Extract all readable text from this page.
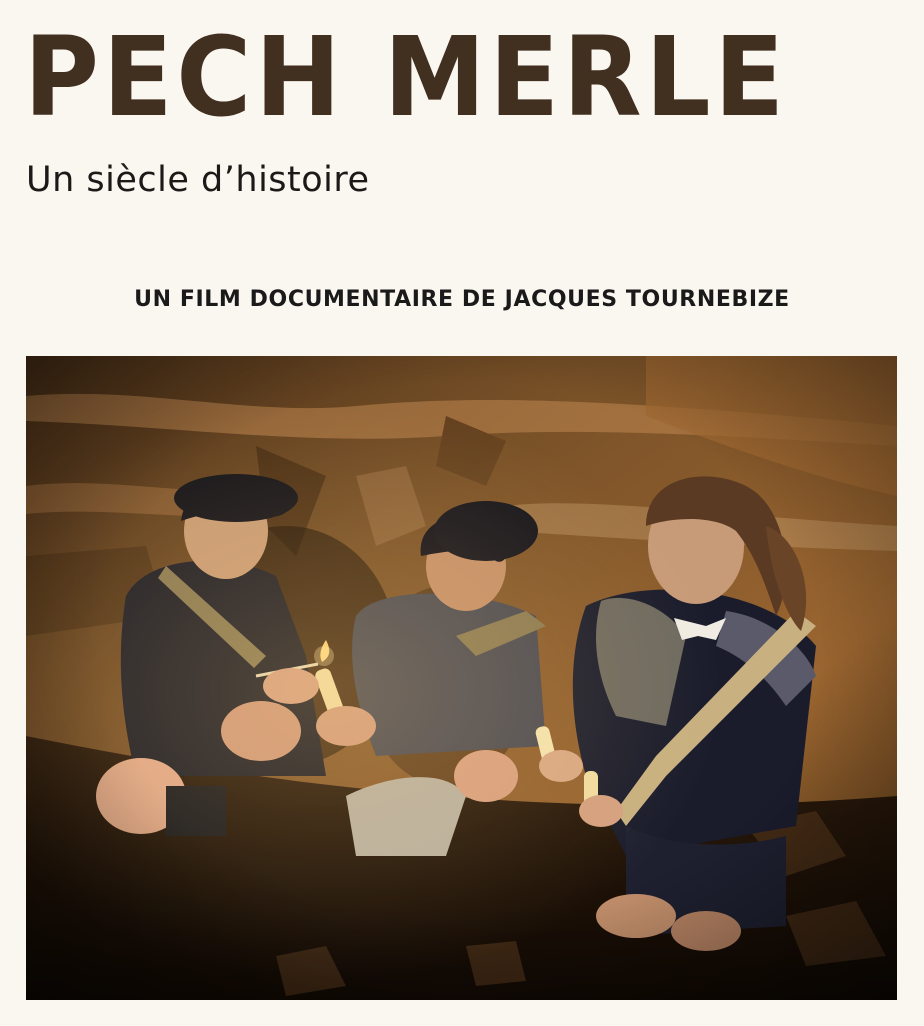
PECH MERLE
Un siècle d’histoire
UN FILM DOCUMENTAIRE DE JACQUES TOURNEBIZE
